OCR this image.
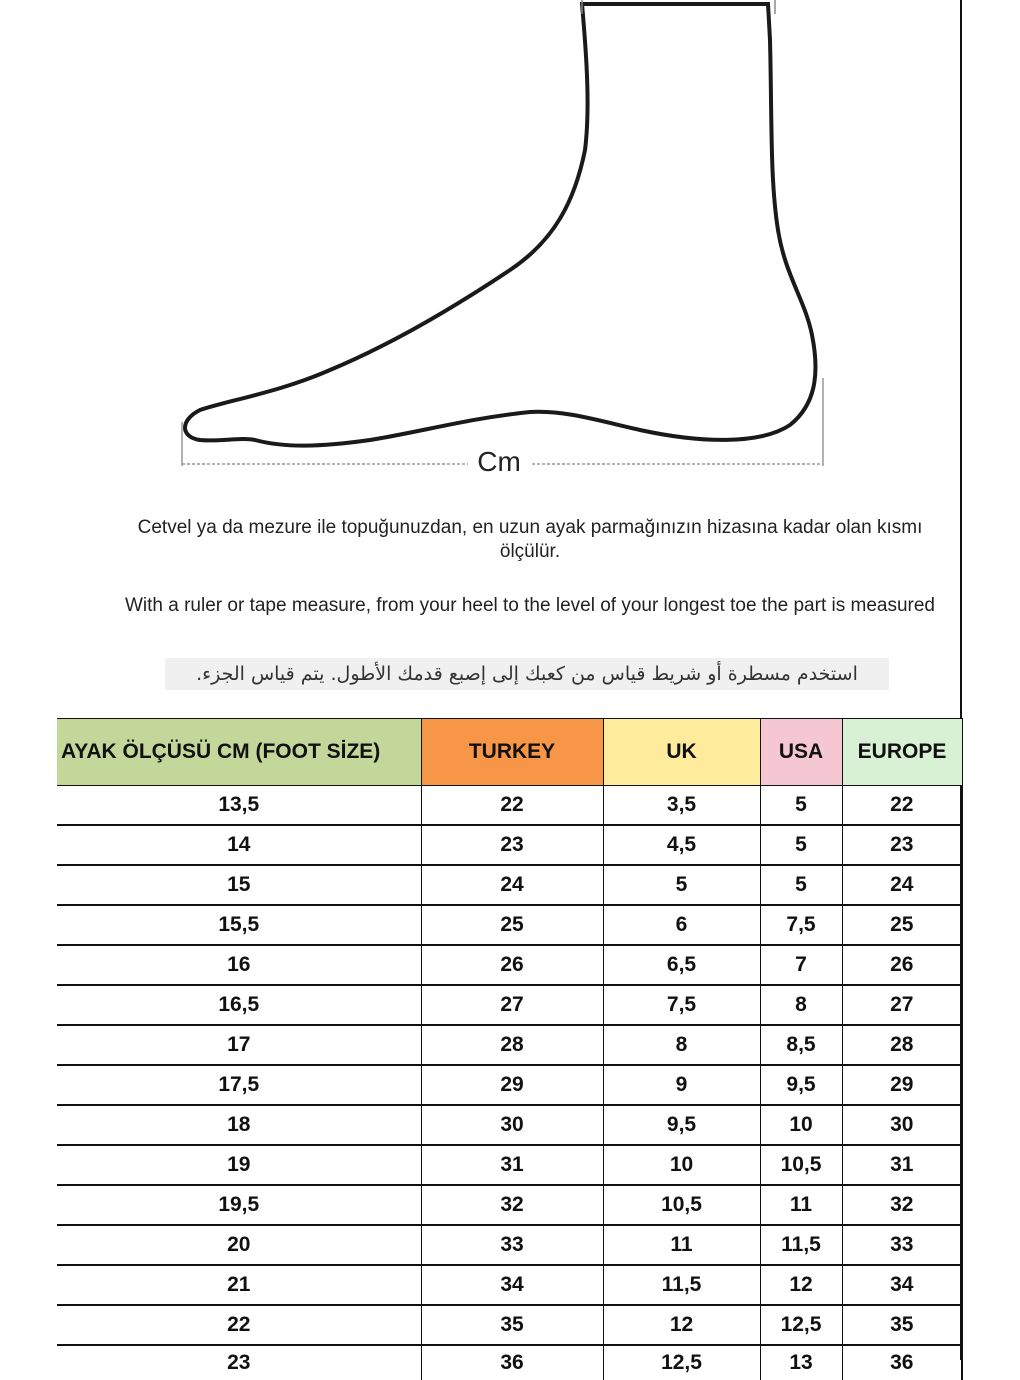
Cm
Cetvel ya da mezure ile topuğunuzdan, en uzun ayak parmağınızın hizasına kadar olan kısmı ölçülür.
With a ruler or tape measure, from your heel to the level of your longest toe the part is measured
استخدم مسطرة أو شريط قياس من كعبك إلى إصبع قدمك الأطول. يتم قياس الجزء.
AYAK ÖLÇÜSÜ CM (FOOT SİZE)	TURKEY	UK	USA	EUROPE
13,5	22	3,5	5	22
14	23	4,5	5	23
15	24	5	5	24
15,5	25	6	7,5	25
16	26	6,5	7	26
16,5	27	7,5	8	27
17	28	8	8,5	28
17,5	29	9	9,5	29
18	30	9,5	10	30
19	31	10	10,5	31
19,5	32	10,5	11	32
20	33	11	11,5	33
21	34	11,5	12	34
22	35	12	12,5	35
23	36	12,5	13	36
